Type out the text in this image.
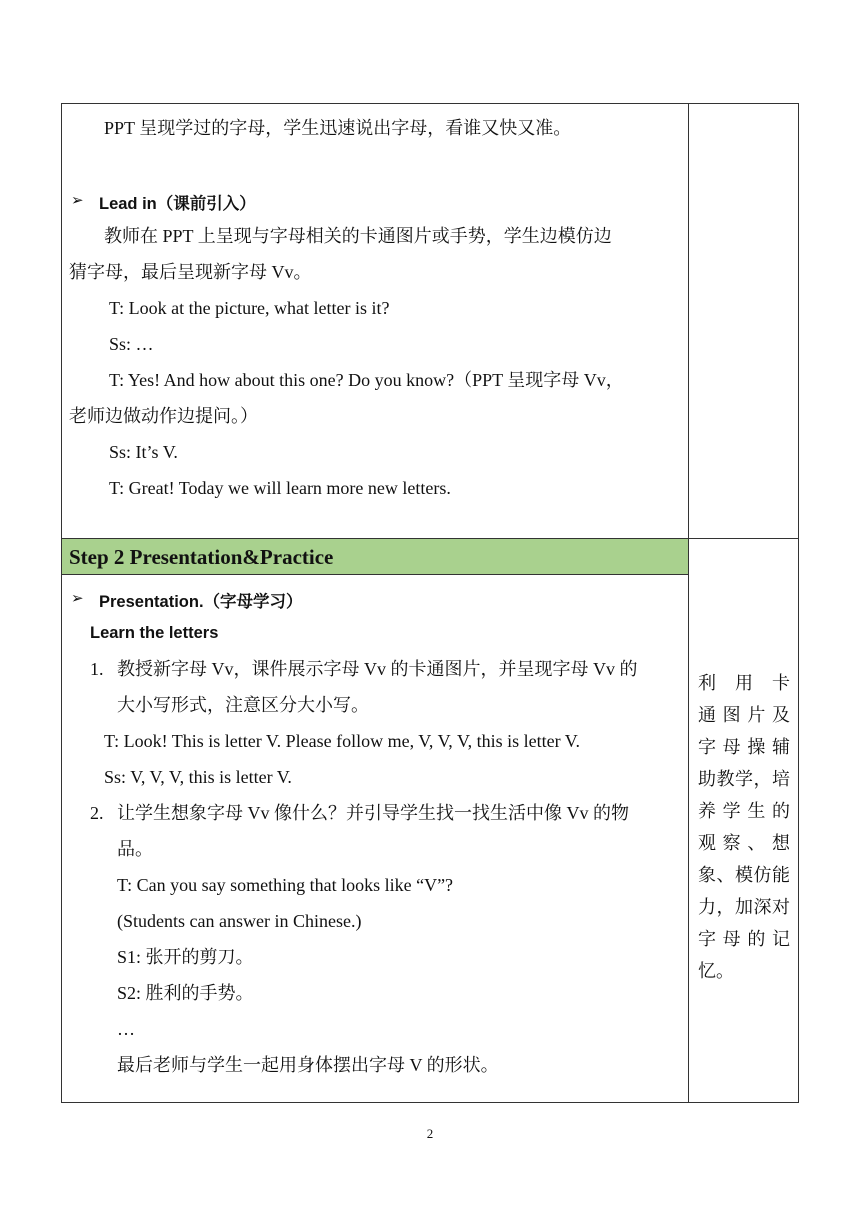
PPT 呈现学过的字母，学生迅速说出字母，看谁又快又准。
➢ Lead in（课前引入）
教师在 PPT 上呈现与字母相关的卡通图片或手势，学生边模仿边
猜字母，最后呈现新字母 Vv。
T: Look at the picture, what letter is it?
Ss: …
T: Yes! And how about this one? Do you know?（PPT 呈现字母 Vv，
老师边做动作边提问。）
Ss: It’s V.
T: Great! Today we will learn more new letters.
Step 2 Presentation&Practice
➢ Presentation.（字母学习）
Learn the letters
1. 教授新字母 Vv，课件展示字母 Vv 的卡通图片，并呈现字母 Vv 的
大小写形式，注意区分大小写。
T: Look! This is letter V. Please follow me, V, V, V, this is letter V.
Ss: V, V, V, this is letter V.
2. 让学生想象字母 Vv 像什么？并引导学生找一找生活中像 Vv 的物
品。
T: Can you say something that looks like “V”?
(Students can answer in Chinese.)
S1: 张开的剪刀。
S2: 胜利的手势。
…
最后老师与学生一起用身体摆出字母 V 的形状。
利 用 卡
通 图 片 及
字 母 操 辅
助教学，培
养 学 生 的
观 察 、 想
象、模仿能
力，加深对
字 母 的 记
忆。
2
